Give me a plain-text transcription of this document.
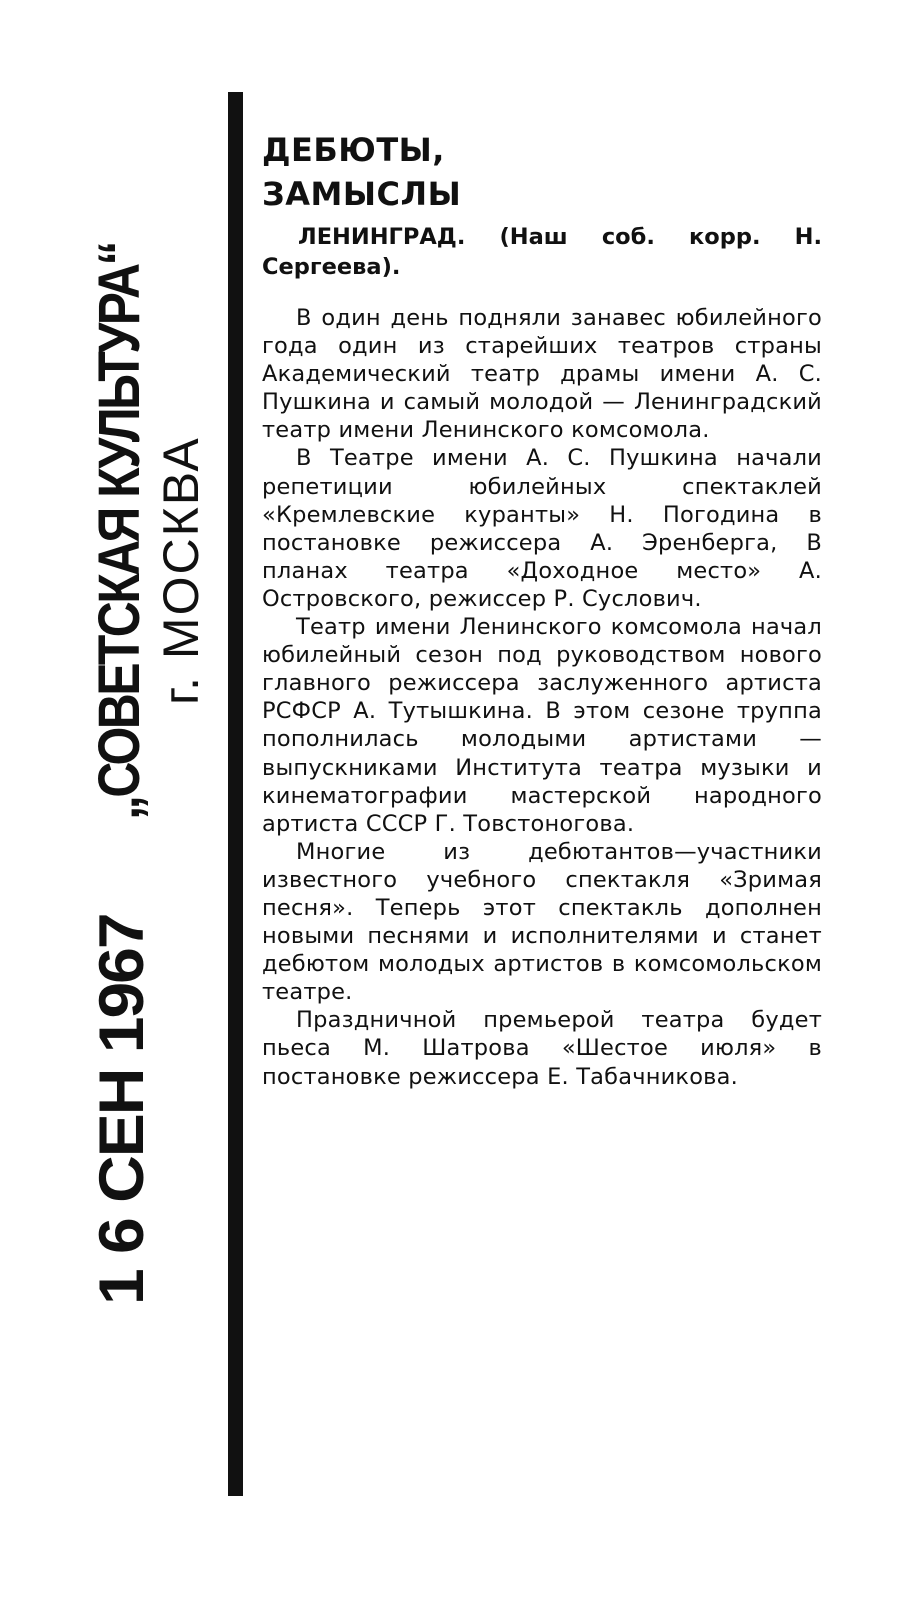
1 6 СЕН 1967
„СОВЕТСКАЯ КУЛЬТУРА“ г. МОСКВА
ДЕБЮТЫ,
ЗАМЫСЛЫ
ЛЕНИНГРАД. (Наш соб. корр. Н. Сергеева).

В один день подняли занавес юбилейного года один из старейших театров страны Академический театр драмы имени А. С. Пушкина и самый молодой — Ленинградский театр имени Ленинского комсомола.

В Театре имени А. С. Пушкина начали репетиции юбилейных спектаклей «Кремлевские куранты» Н. Погодина в постановке режиссера А. Эренберга, В планах театра «Доходное место» А. Островского, режиссер Р. Суслович.

Театр имени Ленинского комсомола начал юбилейный сезон под руководством нового главного режиссера заслуженного артиста РСФСР А. Тутышкина. В этом сезоне труппа пополнилась молодыми артистами — выпускниками Института театра музыки и кинематографии мастерской народного артиста СССР Г. Товстоногова.

Многие из дебютантов—участники известного учебного спектакля «Зримая песня». Теперь этот спектакль дополнен новыми песнями и исполнителями и станет дебютом молодых артистов в комсомольском театре.

Праздничной премьерой театра будет пьеса М. Шатрова «Шестое июля» в постановке режиссера Е. Табачникова.
